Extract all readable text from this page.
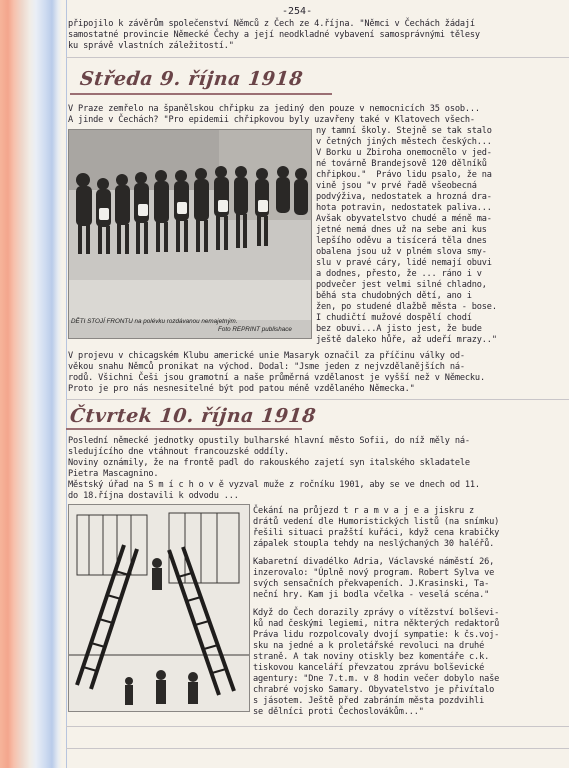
-254-
připojilo k závěrům společenství Němců z Čech ze 4.října. "Němci v Čechách žádají
samostatné provincie Německé Čechy a její neodkladné vybavení samosprávnými tělesy
ku správě vlastních záležitostí."
Středa 9. října 1918
V Praze zemřelo na španělskou chřipku za jediný den pouze v nemocnicích 35 osob...
A jinde v Čechách? "Pro epidemii chřipkovou byly uzavřeny také v Klatovech všech-
DĚTI STOJÍ FRONTU na polévku rozdávanou nemajetným.
Foto REPRINT publishace
ny tamní školy. Stejně se tak stalo
v četných jiných městech českých...
V Borku u Zbiroha onemocnělo v jed-
né továrně Brandejsově 120 dělníků
chřipkou."  Právo lidu psalo, že na
vině jsou "v prvé řadě všeobecná
podvýživa, nedostatek a hrozná dra-
hota potravin, nedostatek paliva...
Avšak obyvatelstvo chudé a méně ma-
jetné nemá dnes už na sebe ani kus
lepšího oděvu a tisícerá těla dnes
obalena jsou už v plném slova smy-
slu v pravé cáry, lidé nemají obuvi
a dodnes, přesto, že ... ráno i v
podvečer jest velmi silné chladno,
běhá sta chudobných dětí, ano i
žen, po studené dlažbě města - bose.
I chudičtí mužové dospělí chodí
bez obuvi...A jisto jest, že bude
ještě daleko hůře, až udeří mrazy.."
V projevu v chicagském Klubu americké unie Masaryk označil za příčinu války od-
věkou snahu Němců pronikat na východ. Dodal: "Jsme jeden z nejvzdělanějších ná-
rodů. Všichni Češi jsou gramotní a naše průměrná vzdělanost je vyšší než v Německu.
Proto je pro nás nesnesitelné být pod patou méně vzdělaného Německa."
Čtvrtek 10. října 1918
Poslední německé jednotky opustily bulharské hlavní město Sofii, do níž měly ná-
sledujícího dne vtáhnout francouzské oddíly.
Noviny oznámily, že na frontě padl do rakouského zajetí syn italského skladatele
Pietra Mascagnino.
Městský úřad na S m í c h o v ě vyzval muže z ročníku 1901, aby se ve dnech od 11.
do 18.října dostavili k odvodu ...
Čekání na průjezd t r a m v a j e a jiskru z
drátů vedení dle Humoristických listů (na snímku)
řešili situaci pražští kuřáci, když cena krabičky
zápalek stoupla tehdy na neslýchaných 30 haléřů.
Kabaretní divadélko Adria, Václavské náměstí 26,
inzerovalo: "Úplně nový program. Robert Sylva ve
svých sensačních překvapeních. J.Krasinski, Ta-
neční hry. Kam ji bodla včelka - veselá scéna."
Když do Čech dorazily zprávy o vítězství bolševi-
ků nad českými legiemi, nitra některých redaktorů
Práva lidu rozpolcovaly dvojí sympatie: k čs.voj-
sku na jedné a k proletářské revoluci na druhé
straně. A tak noviny otiskly bez komentáře c.k.
tiskovou kanceláří převzatou zprávu bolševické
agentury: "Dne 7.t.m. v 8 hodin večer dobylo naše
chrabré vojsko Samary. Obyvatelstvo je přivítalo
s jásotem. Ještě před zabráním města pozdvihli
se dělníci proti Čechoslovákům..."
